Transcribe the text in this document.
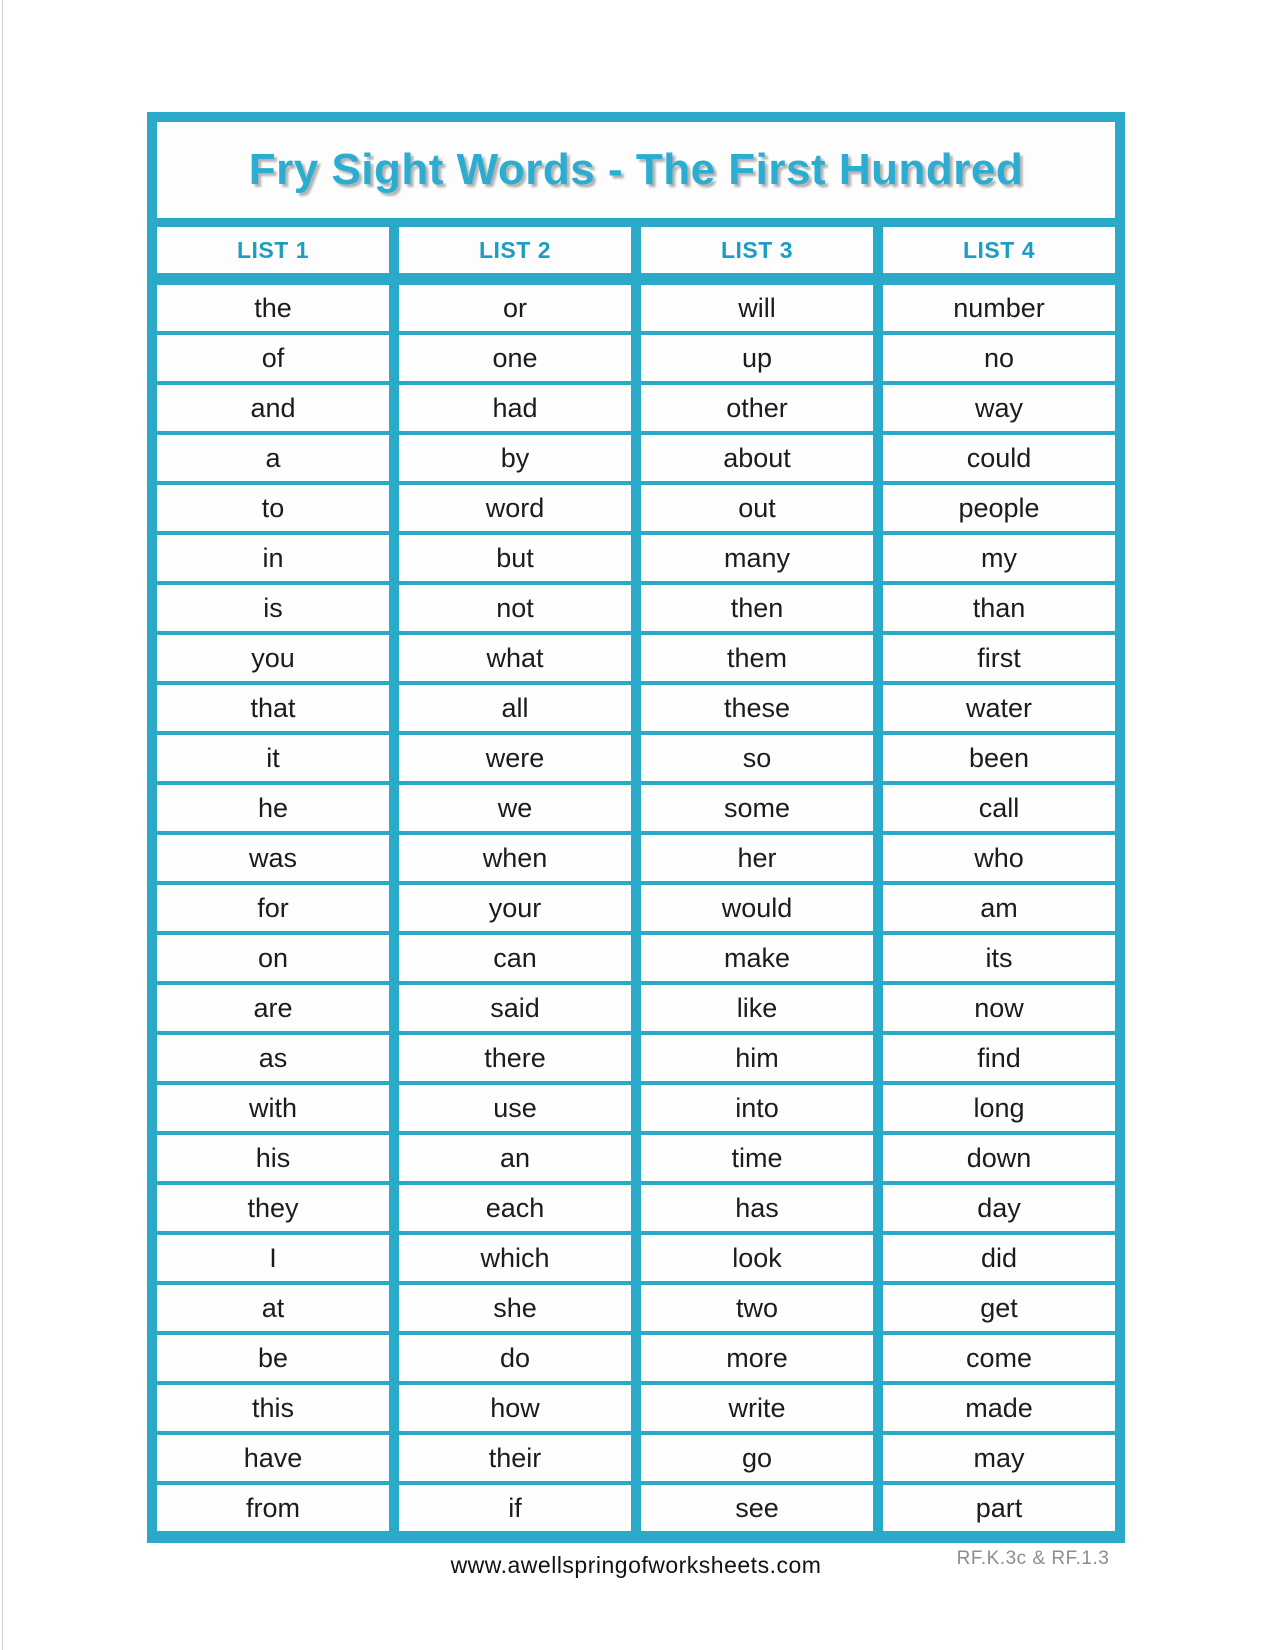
Fry Sight Words - The First Hundred
LIST 1	LIST 2	LIST 3	LIST 4
the	or	will	number
of	one	up	no
and	had	other	way
a	by	about	could
to	word	out	people
in	but	many	my
is	not	then	than
you	what	them	first
that	all	these	water
it	were	so	been
he	we	some	call
was	when	her	who
for	your	would	am
on	can	make	its
are	said	like	now
as	there	him	find
with	use	into	long
his	an	time	down
they	each	has	day
I	which	look	did
at	she	two	get
be	do	more	come
this	how	write	made
have	their	go	may
from	if	see	part
www.awellspringofworksheets.com	RF.K.3c & RF.1.3
